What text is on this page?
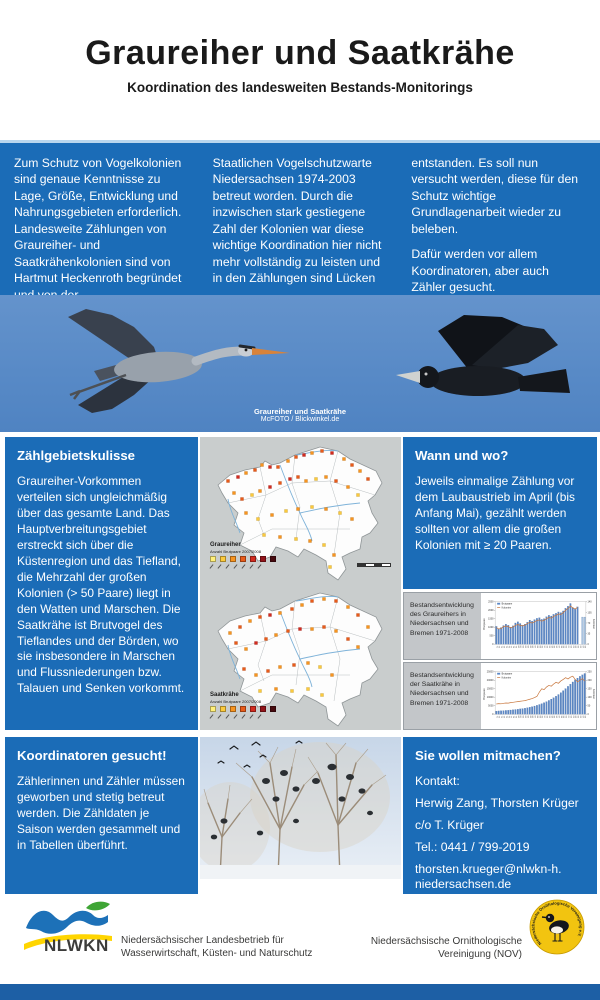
Graureiher und Saatkrähe
Koordination des landesweiten Bestands-Monitorings
Zum Schutz von Vogelkolonien sind genaue Kenntnisse zu Lage, Größe, Entwicklung und Nahrungsgebieten erforderlich. Landesweite Zählungen von Graureiher- und Saatkrähenkolonien sind von Hartmut Heckenroth begründet
Staatlichen Vogelschutzwarte Niedersachsen 1974-2003 betreut worden. Durch die inzwischen stark gestiegene Zahl der Kolonien war diese wichtige Koordination hier nicht mehr vollständig zu leisten und in den Zählungen sind Lücken

entstanden. Es soll nun versucht werden, diese für den Schutz wichtige Grundlagenarbeit wieder zu beleben.

Dafür werden vor allem Koordinatoren, aber auch Zähler gesucht.

Graureiher und Saatkrähe
McFOTO / Blickwinkel.de
Zählgebietskulisse
Graureiher-Vorkommen verteilen sich ungleichmäßig über das gesamte Land. Das Hauptverbreitungsgebiet erstreckt sich über die Küstenregion und das Tiefland, die Mehrzahl der großen Kolonien (> 50 Paare) liegt in den Watten und Marschen. Die Saatkrähe ist Brutvogel des Tieflandes und der Börden, wo sie insbesondere in Marschen und Flussniederungen bzw. Talauen und Senken vorkommt.
Graureiher
Anzahl Brutpaare 2007/2008
Saatkrähe
Anzahl Brutpaare 2007/2008
Wann und wo?
Jeweils einmalige Zählung vor dem Laubaustrieb im April (bis Anfang Mai), gezählt werden sollten vor allem die großen Kolonien mit ≥ 20 Paaren.
Bestandsentwicklung des Graureihers in Niedersachsen und Bremen 1971-2008
0
500
1000
1500
2000
2500
0
35
70
105
140
71 72 73 74 75 76 77 78 79 80 81 82 83 84 85 86 87 88 89 90 91 92 93 94 95 96 97 98 99 00 01 02 03 04 05 06 07 08
Brutpaare
Kolonien
Brutpaare	Kolonien
Bestandsentwicklung der Saatkrähe in Niedersachsen und Bremen 1971-2008
0
5000
10000
15000
20000
25000
0
50
100
150
200
250
71 72 73 74 75 76 77 78 79 80 81 82 83 84 85 86 87 88 89 90 91 92 93 94 95 96 97 98 99 00 01 02 03 04 05 06 07 08
Brutpaare
Kolonien
Brutpaare	Kolonien
Koordinatoren gesucht!
Zählerinnen und Zähler müssen geworben und stetig betreut werden. Die Zähldaten je Saison werden gesammelt und in Tabellen überführt.
Sie wollen mitmachen?
Kontakt:
Herwig Zang, Thorsten Krüger
c/o T. Krüger
Tel.: 0441 / 799-2019
thorsten.krueger@nlwkn-h.
niedersachsen.de
NLWKN Niedersächsischer Landesbetrieb für
Wasserwirtschaft, Küsten- und Naturschutz
Niedersächsische Ornithologische
Vereinigung (NOV)
Niedersächsische Ornithologische Vereinigung e.V.
